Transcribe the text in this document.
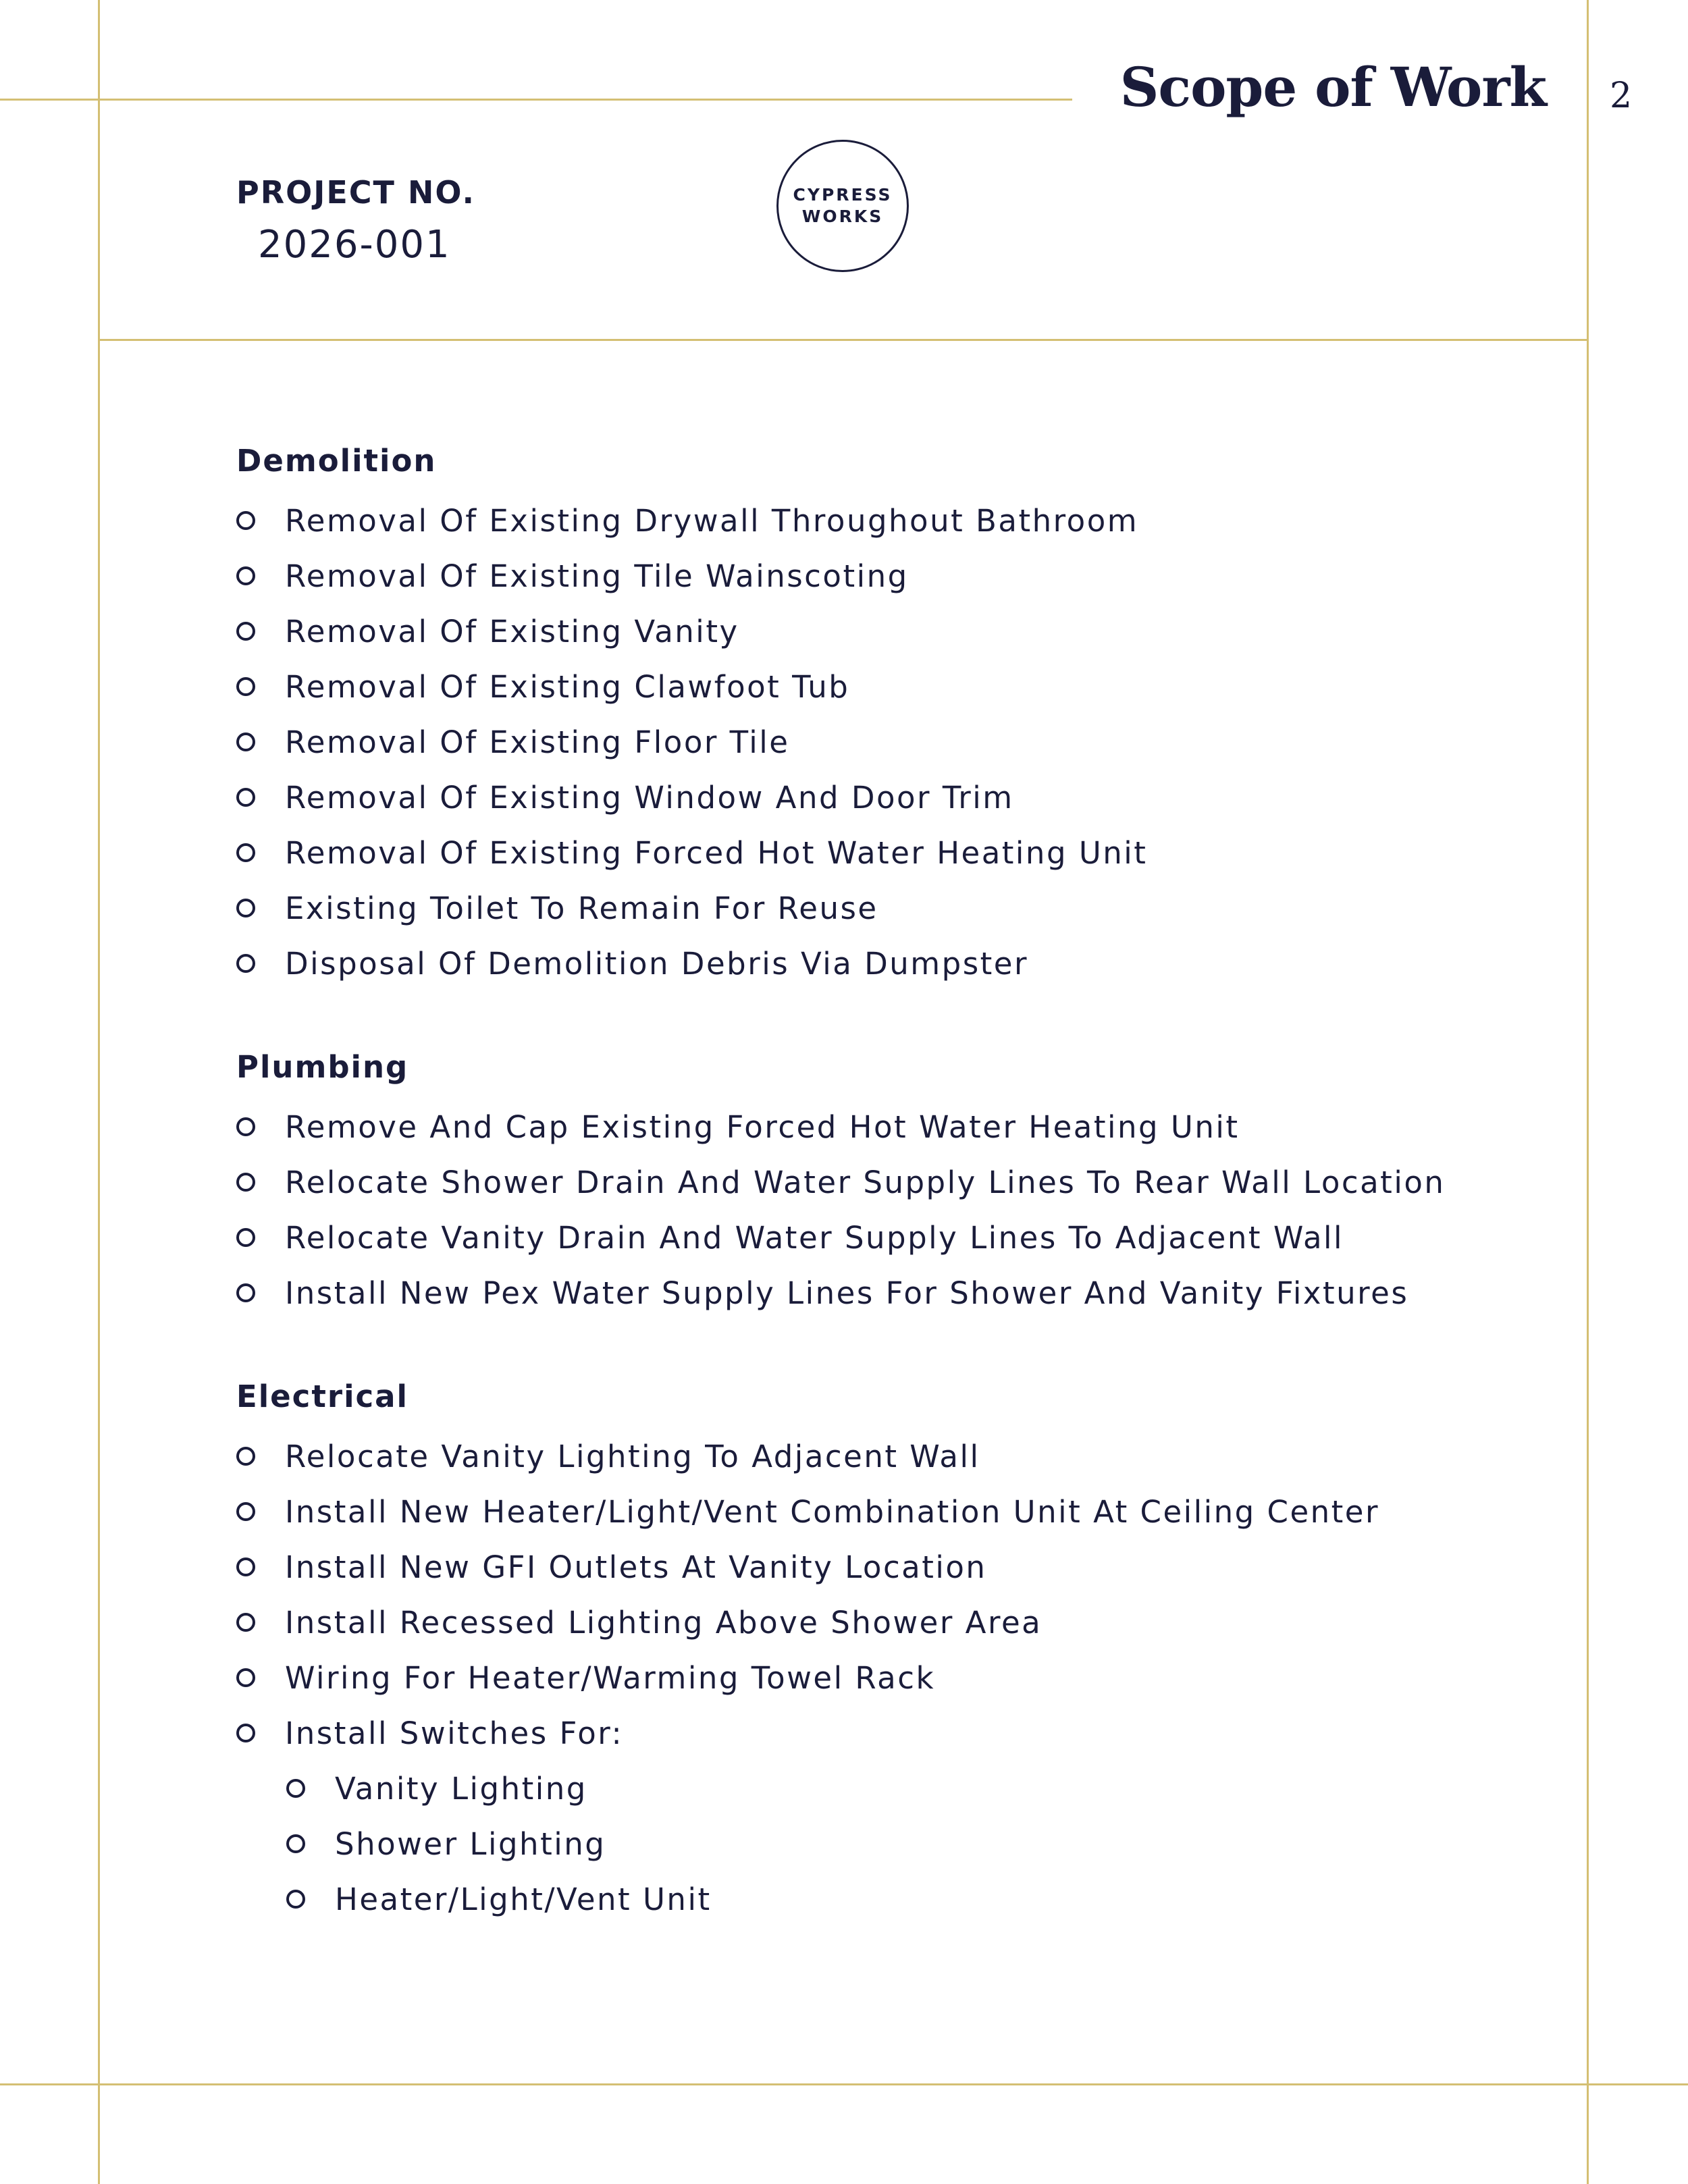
Scope of Work 2
PROJECT NO.
2026-001
CYPRESS
WORKS
Demolition
Removal Of Existing Drywall Throughout Bathroom
Removal Of Existing Tile Wainscoting
Removal Of Existing Vanity
Removal Of Existing Clawfoot Tub
Removal Of Existing Floor Tile
Removal Of Existing Window And Door Trim
Removal Of Existing Forced Hot Water Heating Unit
Existing Toilet To Remain For Reuse
Disposal Of Demolition Debris Via Dumpster
Plumbing
Remove And Cap Existing Forced Hot Water Heating Unit
Relocate Shower Drain And Water Supply Lines To Rear Wall Location
Relocate Vanity Drain And Water Supply Lines To Adjacent Wall
Install New Pex Water Supply Lines For Shower And Vanity Fixtures
Electrical
Relocate Vanity Lighting To Adjacent Wall
Install New Heater/Light/Vent Combination Unit At Ceiling Center
Install New GFI Outlets At Vanity Location
Install Recessed Lighting Above Shower Area
Wiring For Heater/Warming Towel Rack
Install Switches For:
Vanity Lighting
Shower Lighting
Heater/Light/Vent Unit
